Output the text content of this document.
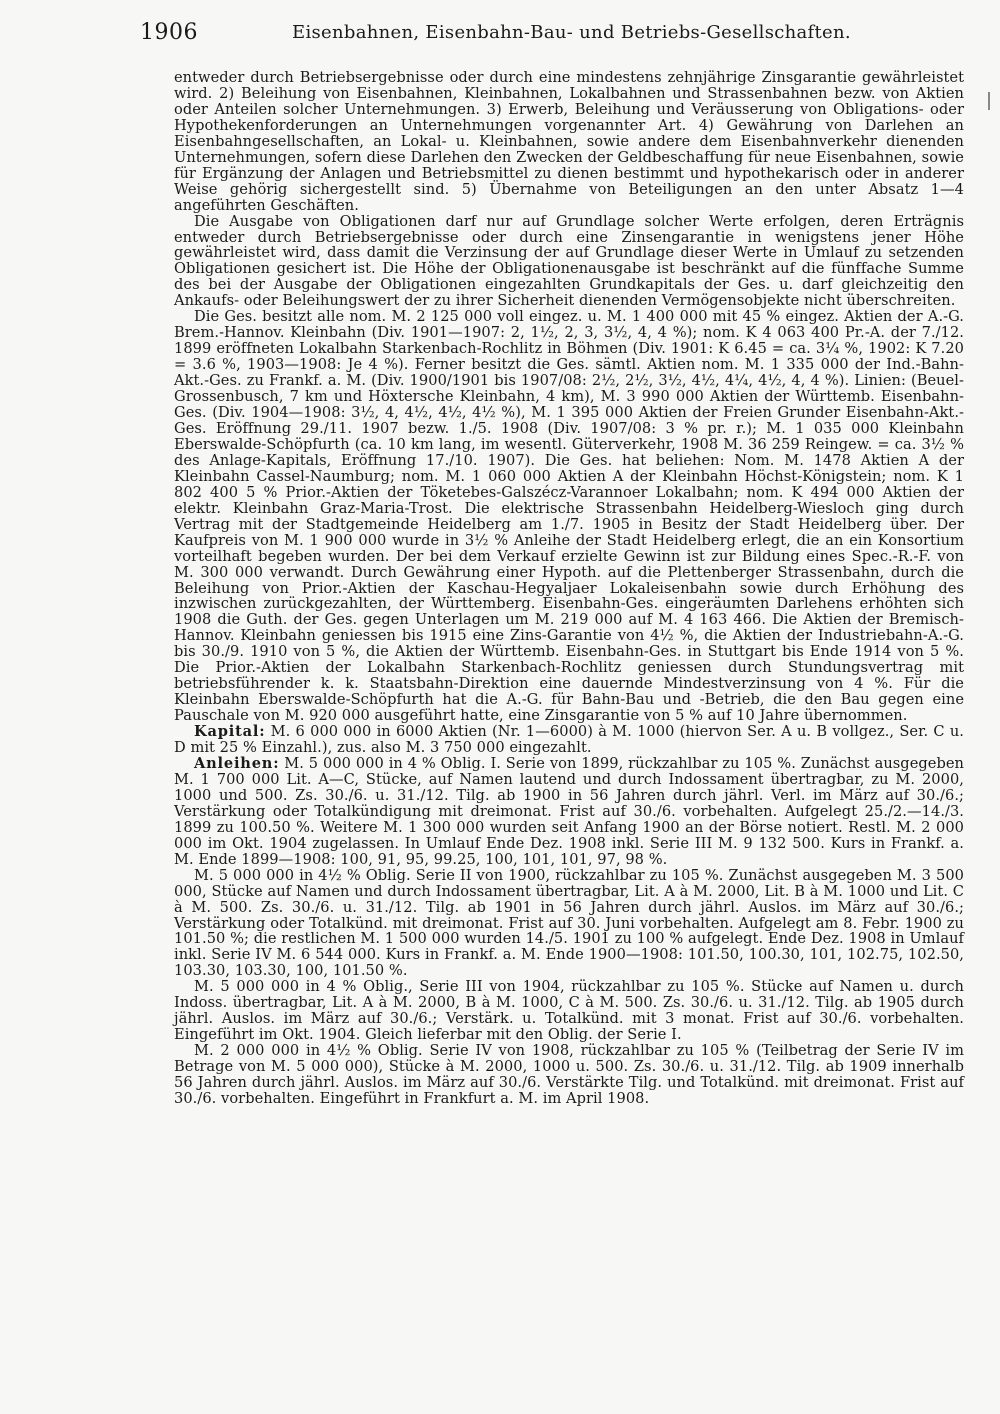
1906	Eisenbahnen, Eisenbahn-Bau- und Betriebs-Gesellschaften.

entweder durch Betriebsergebnisse oder durch eine mindestens zehnjährige Zinsgarantie gewährleistet wird. 2) Beleihung von Eisenbahnen, Kleinbahnen, Lokalbahnen und Strassenbahnen bezw. von Aktien oder Anteilen solcher Unternehmungen. 3) Erwerb, Beleihung und Veräusserung von Obligations- oder Hypothekenforderungen an Unternehmungen vorgenannter Art. 4) Gewährung von Darlehen an Eisenbahngesellschaften, an Lokal- u. Kleinbahnen, sowie andere dem Eisenbahnverkehr dienenden Unternehmungen, sofern diese Darlehen den Zwecken der Geldbeschaffung für neue Eisenbahnen, sowie für Ergänzung der Anlagen und Betriebsmittel zu dienen bestimmt und hypothekarisch oder in anderer Weise gehörig sichergestellt sind. 5) Übernahme von Beteiligungen an den unter Absatz 1—4 angeführten Geschäften.

Die Ausgabe von Obligationen darf nur auf Grundlage solcher Werte erfolgen, deren Erträgnis entweder durch Betriebsergebnisse oder durch eine Zinsengarantie in wenigstens jener Höhe gewährleistet wird, dass damit die Verzinsung der auf Grundlage dieser Werte in Umlauf zu setzenden Obligationen gesichert ist. Die Höhe der Obligationenausgabe ist beschränkt auf die fünffache Summe des bei der Ausgabe der Obligationen eingezahlten Grundkapitals der Ges. u. darf gleichzeitig den Ankaufs- oder Beleihungswert der zu ihrer Sicherheit dienenden Vermögensobjekte nicht überschreiten.

Die Ges. besitzt alle nom. M. 2 125 000 voll eingez. u. M. 1 400 000 mit 45 % eingez. Aktien der A.-G. Brem.-Hannov. Kleinbahn (Div. 1901—1907: 2, 1½, 2, 3, 3½, 4, 4 %); nom. K 4 063 400 Pr.-A. der 7./12. 1899 eröffneten Lokalbahn Starkenbach-Rochlitz in Böhmen (Div. 1901: K 6.45 = ca. 3¼ %, 1902: K 7.20 = 3.6 %, 1903—1908: Je 4 %). Ferner besitzt die Ges. sämtl. Aktien nom. M. 1 335 000 der Ind.-Bahn-Akt.-Ges. zu Frankf. a. M. (Div. 1900/1901 bis 1907/08: 2½, 2½, 3½, 4½, 4¼, 4½, 4, 4 %). Linien: (Beuel-Grossenbusch, 7 km und Höxtersche Kleinbahn, 4 km), M. 3 990 000 Aktien der Württemb. Eisenbahn-Ges. (Div. 1904—1908: 3½, 4, 4½, 4½, 4½ %), M. 1 395 000 Aktien der Freien Grunder Eisenbahn-Akt.-Ges. Eröffnung 29./11. 1907 bezw. 1./5. 1908 (Div. 1907/08: 3 % pr. r.); M. 1 035 000 Kleinbahn Eberswalde-Schöpfurth (ca. 10 km lang, im wesentl. Güterverkehr, 1908 M. 36 259 Reingew. = ca. 3½ % des Anlage-Kapitals, Eröffnung 17./10. 1907). Die Ges. hat beliehen: Nom. M. 1478 Aktien A der Kleinbahn Cassel-Naumburg; nom. M. 1 060 000 Aktien A der Kleinbahn Höchst-Königstein; nom. K 1 802 400 5 % Prior.-Aktien der Töketebes-Galszécz-Varannoer Lokalbahn; nom. K 494 000 Aktien der elektr. Kleinbahn Graz-Maria-Trost. Die elektrische Strassenbahn Heidelberg-Wiesloch ging durch Vertrag mit der Stadtgemeinde Heidelberg am 1./7. 1905 in Besitz der Stadt Heidelberg über. Der Kaufpreis von M. 1 900 000 wurde in 3½ % Anleihe der Stadt Heidelberg erlegt, die an ein Konsortium vorteilhaft begeben wurden. Der bei dem Verkauf erzielte Gewinn ist zur Bildung eines Spec.-R.-F. von M. 300 000 verwandt. Durch Gewährung einer Hypoth. auf die Plettenberger Strassenbahn, durch die Beleihung von Prior.-Aktien der Kaschau-Hegyaljaer Lokaleisenbahn sowie durch Erhöhung des inzwischen zurückgezahlten, der Württemberg. Eisenbahn-Ges. eingeräumten Darlehens erhöhten sich 1908 die Guth. der Ges. gegen Unterlagen um M. 219 000 auf M. 4 163 466. Die Aktien der Bremisch-Hannov. Kleinbahn geniessen bis 1915 eine Zins-Garantie von 4½ %, die Aktien der Industriebahn-A.-G. bis 30./9. 1910 von 5 %, die Aktien der Württemb. Eisenbahn-Ges. in Stuttgart bis Ende 1914 von 5 %. Die Prior.-Aktien der Lokalbahn Starkenbach-Rochlitz geniessen durch Stundungsvertrag mit betriebsführender k. k. Staatsbahn-Direktion eine dauernde Mindestverzinsung von 4 %. Für die Kleinbahn Eberswalde-Schöpfurth hat die A.-G. für Bahn-Bau und -Betrieb, die den Bau gegen eine Pauschale von M. 920 000 ausgeführt hatte, eine Zinsgarantie von 5 % auf 10 Jahre übernommen.

Kapital: M. 6 000 000 in 6000 Aktien (Nr. 1—6000) à M. 1000 (hiervon Ser. A u. B vollgez., Ser. C u. D mit 25 % Einzahl.), zus. also M. 3 750 000 eingezahlt.

Anleihen: M. 5 000 000 in 4 % Oblig. I. Serie von 1899, rückzahlbar zu 105 %. Zunächst ausgegeben M. 1 700 000 Lit. A—C, Stücke, auf Namen lautend und durch Indossament übertragbar, zu M. 2000, 1000 und 500. Zs. 30./6. u. 31./12. Tilg. ab 1900 in 56 Jahren durch jährl. Verl. im März auf 30./6.; Verstärkung oder Totalkündigung mit dreimonat. Frist auf 30./6. vorbehalten. Aufgelegt 25./2.—14./3. 1899 zu 100.50 %. Weitere M. 1 300 000 wurden seit Anfang 1900 an der Börse notiert. Restl. M. 2 000 000 im Okt. 1904 zugelassen. In Umlauf Ende Dez. 1908 inkl. Serie III M. 9 132 500. Kurs in Frankf. a. M. Ende 1899—1908: 100, 91, 95, 99.25, 100, 101, 101, 97, 98 %.

M. 5 000 000 in 4½ % Oblig. Serie II von 1900, rückzahlbar zu 105 %. Zunächst ausgegeben M. 3 500 000, Stücke auf Namen und durch Indossament übertragbar, Lit. A à M. 2000, Lit. B à M. 1000 und Lit. C à M. 500. Zs. 30./6. u. 31./12. Tilg. ab 1901 in 56 Jahren durch jährl. Auslos. im März auf 30./6.; Verstärkung oder Totalkünd. mit dreimonat. Frist auf 30. Juni vorbehalten. Aufgelegt am 8. Febr. 1900 zu 101.50 %; die restlichen M. 1 500 000 wurden 14./5. 1901 zu 100 % aufgelegt. Ende Dez. 1908 in Umlauf inkl. Serie IV M. 6 544 000. Kurs in Frankf. a. M. Ende 1900—1908: 101.50, 100.30, 101, 102.75, 102.50, 103.30, 103.30, 100, 101.50 %.

M. 5 000 000 in 4 % Oblig., Serie III von 1904, rückzahlbar zu 105 %. Stücke auf Namen u. durch Indoss. übertragbar, Lit. A à M. 2000, B à M. 1000, C à M. 500. Zs. 30./6. u. 31./12. Tilg. ab 1905 durch jährl. Auslos. im März auf 30./6.; Verstärk. u. Totalkünd. mit 3 monat. Frist auf 30./6. vorbehalten. Eingeführt im Okt. 1904. Gleich lieferbar mit den Oblig. der Serie I.

M. 2 000 000 in 4½ % Oblig. Serie IV von 1908, rückzahlbar zu 105 % (Teilbetrag der Serie IV im Betrage von M. 5 000 000), Stücke à M. 2000, 1000 u. 500. Zs. 30./6. u. 31./12. Tilg. ab 1909 innerhalb 56 Jahren durch jährl. Auslos. im März auf 30./6. Verstärkte Tilg. und Totalkünd. mit dreimonat. Frist auf 30./6. vorbehalten. Eingeführt in Frankfurt a. M. im April 1908.
